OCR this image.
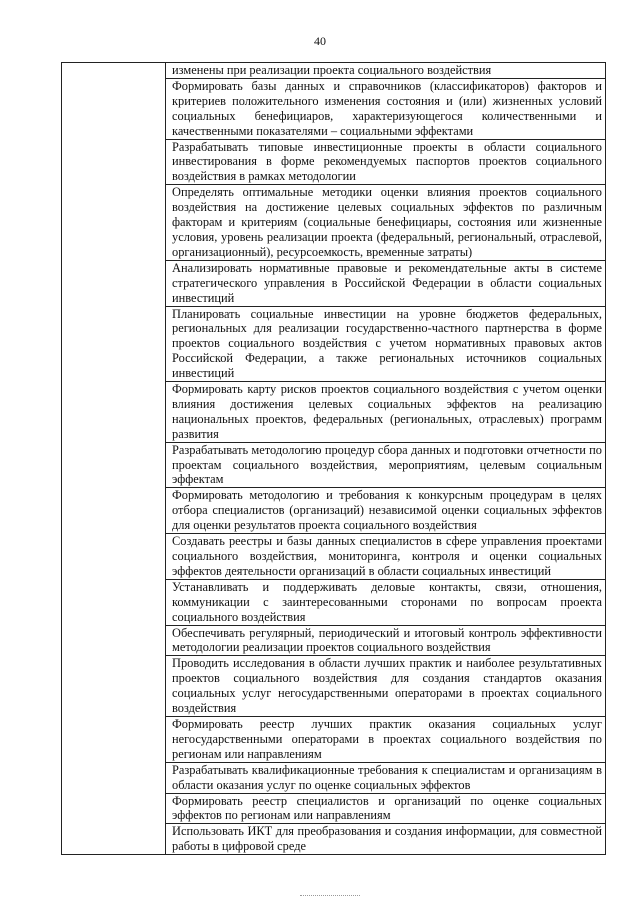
40
	изменены при реализации проекта социального воздействия
Формировать базы данных и справочников (классификаторов) факторов и критериев положительного изменения состояния и (или) жизненных условий социальных бенефициаров, характеризующегося количественными и качественными показателями – социальными эффектами
Разрабатывать типовые инвестиционные проекты в области социального инвестирования в форме рекомендуемых паспортов проектов социального воздействия в рамках методологии
Определять оптимальные методики оценки влияния проектов социального воздействия на достижение целевых социальных эффектов по различным факторам и критериям (социальные бенефициары, состояния или жизненные условия, уровень реализации проекта (федеральный, региональный, отраслевой, организационный), ресурсоемкость, временные затраты)
Анализировать нормативные правовые и рекомендательные акты в системе стратегического управления в Российской Федерации в области социальных инвестиций
Планировать социальные инвестиции на уровне бюджетов федеральных, региональных для реализации государственно-частного партнерства в форме проектов социального воздействия с учетом нормативных правовых актов Российской Федерации, а также региональных источников социальных инвестиций
Формировать карту рисков проектов социального воздействия с учетом оценки влияния достижения целевых социальных эффектов на реализацию национальных проектов, федеральных (региональных, отраслевых) программ развития
Разрабатывать методологию процедур сбора данных и подготовки отчетности по проектам социального воздействия, мероприятиям, целевым социальным эффектам
Формировать методологию и требования к конкурсным процедурам в целях отбора специалистов (организаций) независимой оценки социальных эффектов для оценки результатов проекта социального воздействия
Создавать реестры и базы данных специалистов в сфере управления проектами социального воздействия, мониторинга, контроля и оценки социальных эффектов деятельности организаций в области социальных инвестиций
Устанавливать и поддерживать деловые контакты, связи, отношения, коммуникации с заинтересованными сторонами по вопросам проекта социального воздействия
Обеспечивать регулярный, периодический и итоговый контроль эффективности методологии реализации проектов социального воздействия
Проводить исследования в области лучших практик и наиболее результативных проектов социального воздействия для создания стандартов оказания социальных услуг негосударственными операторами в проектах социального воздействия
Формировать реестр лучших практик оказания социальных услуг негосударственными операторами в проектах социального воздействия по регионам или направлениям
Разрабатывать квалификационные требования к специалистам и организациям в области оказания услуг по оценке социальных эффектов
Формировать реестр специалистов и организаций по оценке социальных эффектов по регионам или направлениям
Использовать ИКТ для преобразования и создания информации, для совместной работы в цифровой среде
